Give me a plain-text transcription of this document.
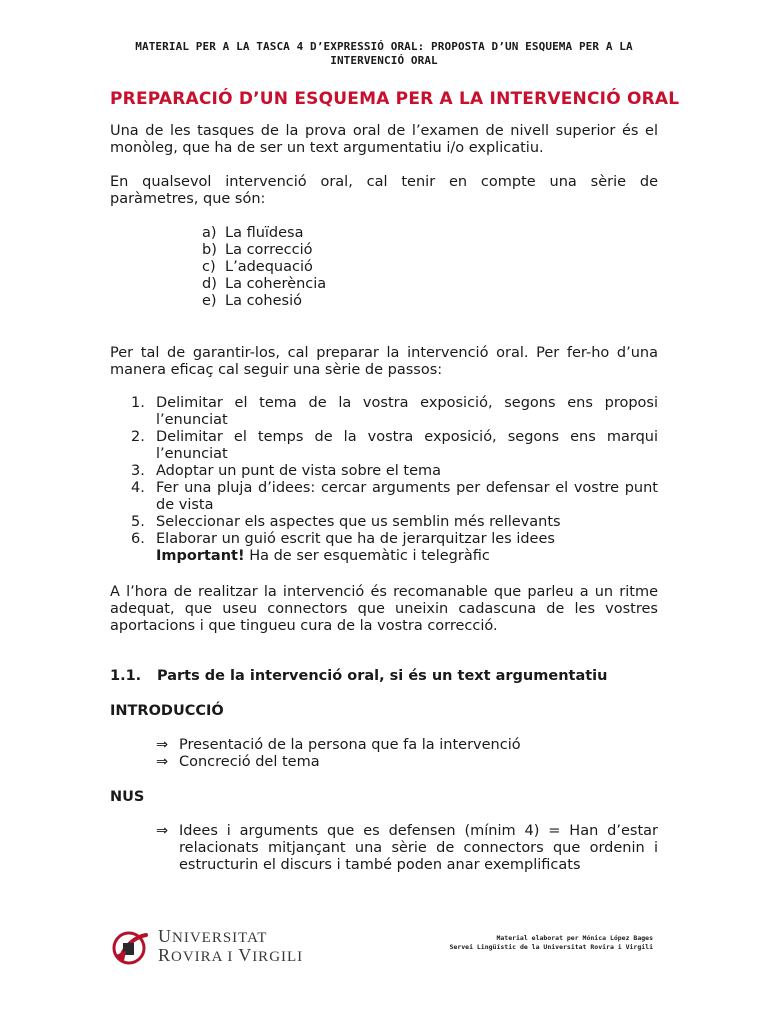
MATERIAL PER A LA TASCA 4 D’EXPRESSIÓ ORAL: PROPOSTA D’UN ESQUEMA PER A LA
INTERVENCIÓ ORAL
PREPARACIÓ D’UN ESQUEMA PER A LA INTERVENCIÓ ORAL

Una de les tasques de la prova oral de l’examen de nivell superior és el monòleg, que ha de ser un text argumentatiu i/o explicatiu.

En qualsevol intervenció oral, cal tenir en compte una sèrie de paràmetres, que són:

a) La fluïdesa
b) La correcció
c) L’adequació
d) La coherència
e) La cohesió

Per tal de garantir-los, cal preparar la intervenció oral. Per fer-ho d’una manera eficaç cal seguir una sèrie de passos:

1. Delimitar el tema de la vostra exposició, segons ens proposi l’enunciat
2. Delimitar el temps de la vostra exposició, segons ens marqui l’enunciat
3. Adoptar un punt de vista sobre el tema
4. Fer una pluja d’idees: cercar arguments per defensar el vostre punt de vista
5. Seleccionar els aspectes que us semblin més rellevants
6. Elaborar un guió escrit que ha de jerarquitzar les idees
Important! Ha de ser esquemàtic i telegràfic

A l’hora de realitzar la intervenció és recomanable que parleu a un ritme adequat, que useu connectors que uneixin cadascuna de les vostres aportacions i que tingueu cura de la vostra correcció.

1.1. Parts de la intervenció oral, si és un text argumentatiu
INTRODUCCIÓ
⇒ Presentació de la persona que fa la intervenció
⇒ Concreció del tema
NUS
⇒ Idees i arguments que es defensen (mínim 4) = Han d’estar relacionats mitjançant una sèrie de connectors que ordenin i estructurin el discurs i també poden anar exemplificats
UNIVERSITAT
ROVIRA I VIRGILI
Material elaborat per Mónica López Bages
Servei Lingüístic de la Universitat Rovira i Virgili
